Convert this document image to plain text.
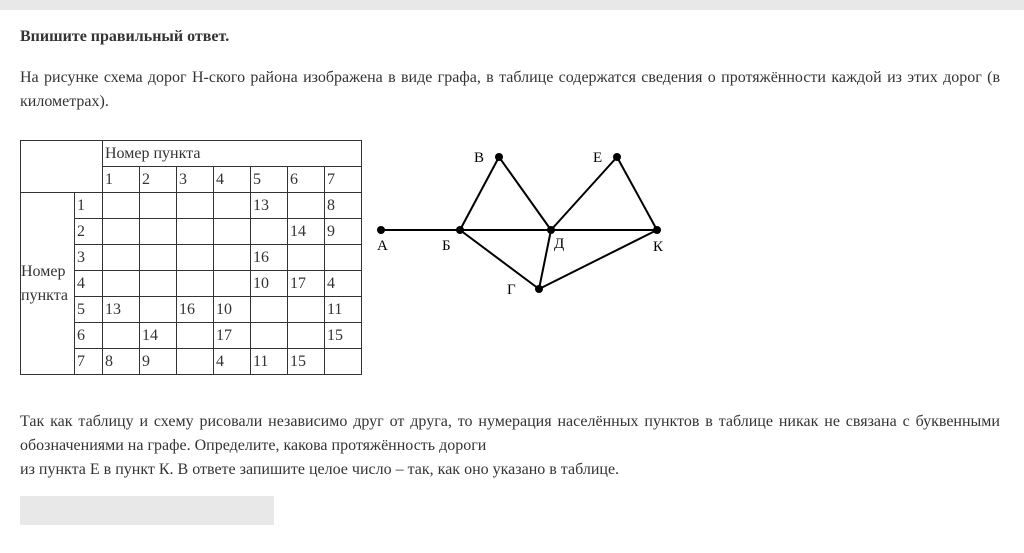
Впишите правильный ответ.
На рисунке схема дорог Н-ского района изображена в виде графа, в таблице содержатся сведения о протяжённости каждой из этих дорог (в километрах).
		Номер пункта						
		1	2	3	4	5	6	7
Номер пункта	1					13		8
	2						14	9
	3					16		
	4					10	17	4
	5	13		16	10			11
	6		14		17			15
	7	8	9		4	11	15	
А	Б
В
Г
Д
Е
К
Так как таблицу и схему рисовали независимо друг от друга, то нумерация населённых пунктов в таблице никак не связана с буквенными обозначениями на графе. Определите, какова протяжённость дороги
из пункта Е в пункт К. В ответе запишите целое число – так, как оно указано в таблице.
